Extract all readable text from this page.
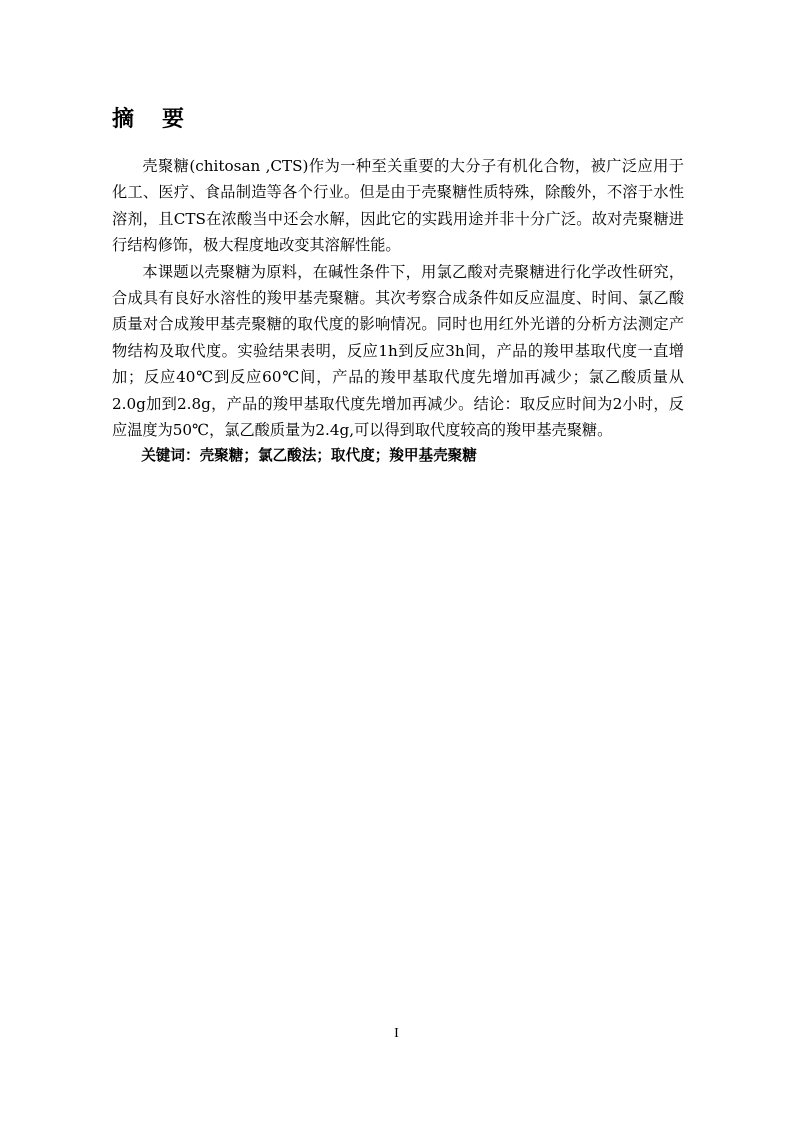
摘 要

壳聚糖(chitosan ,CTS)作为一种至关重要的大分子有机化合物，被广泛应用于化工、医疗、食品制造等各个行业。但是由于壳聚糖性质特殊，除酸外，不溶于水性溶剂，且CTS在浓酸当中还会水解，因此它的实践用途并非十分广泛。故对壳聚糖进行结构修饰，极大程度地改变其溶解性能。

本课题以壳聚糖为原料，在碱性条件下，用氯乙酸对壳聚糖进行化学改性研究，合成具有良好水溶性的羧甲基壳聚糖。其次考察合成条件如反应温度、时间、氯乙酸质量对合成羧甲基壳聚糖的取代度的影响情况。同时也用红外光谱的分析方法测定产物结构及取代度。实验结果表明，反应1h到反应3h间，产品的羧甲基取代度一直增加；反应40℃到反应60℃间，产品的羧甲基取代度先增加再减少；氯乙酸质量从2.0g加到2.8g，产品的羧甲基取代度先增加再减少。结论：取反应时间为2小时，反应温度为50℃，氯乙酸质量为2.4g,可以得到取代度较高的羧甲基壳聚糖。

关键词：壳聚糖；氯乙酸法；取代度；羧甲基壳聚糖

I
